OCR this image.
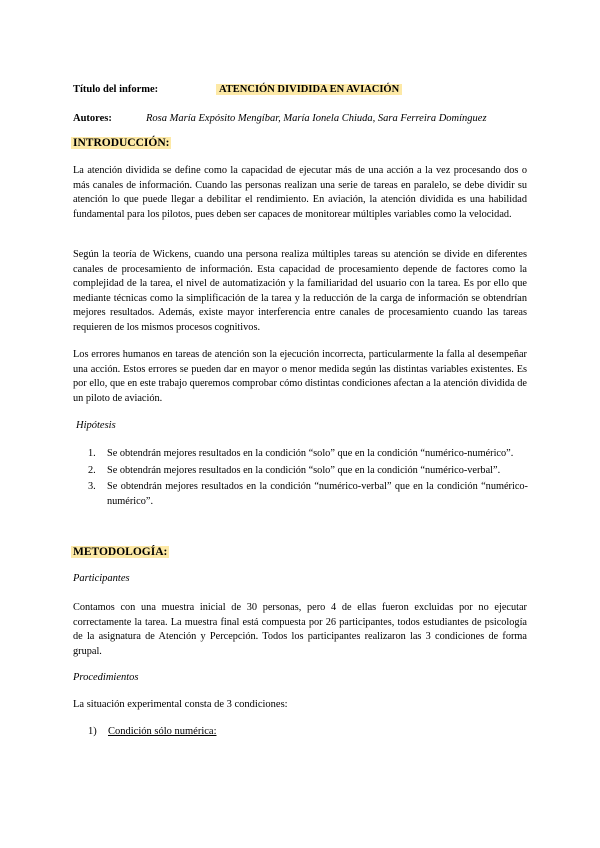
Título del informe:	ATENCIÓN DIVIDIDA EN AVIACIÓN
Autores:	Rosa María Expósito Mengíbar, María Ionela Chiuda, Sara Ferreira Domínguez
INTRODUCCIÓN:
La atención dividida se define como la capacidad de ejecutar más de una acción a la vez procesando dos o más canales de información. Cuando las personas realizan una serie de tareas en paralelo, se debe dividir su atención lo que puede llegar a debilitar el rendimiento. En aviación, la atención dividida es una habilidad fundamental para los pilotos, pues deben ser capaces de monitorear múltiples variables como la velocidad.
Según la teoría de Wickens, cuando una persona realiza múltiples tareas su atención se divide en diferentes canales de procesamiento de información. Esta capacidad de procesamiento depende de factores como la complejidad de la tarea, el nivel de automatización y la familiaridad del usuario con la tarea. Es por ello que mediante técnicas como la simplificación de la tarea y la reducción de la carga de información se obtendrían mejores resultados. Además, existe mayor interferencia entre canales de procesamiento cuando las tareas requieren de los mismos procesos cognitivos.
Los errores humanos en tareas de atención son la ejecución incorrecta, particularmente la falla al desempeñar una acción. Estos errores se pueden dar en mayor o menor medida según las distintas variables existentes. Es por ello, que en este trabajo queremos comprobar cómo distintas condiciones afectan a la atención dividida de un piloto de aviación.
Hipótesis
1. Se obtendrán mejores resultados en la condición “solo” que en la condición “numérico-numérico”.
2. Se obtendrán mejores resultados en la condición “solo” que en la condición “numérico-verbal”.
3. Se obtendrán mejores resultados en la condición “numérico-verbal” que en la condición “numérico-numérico”.
METODOLOGÍA:
Participantes
Contamos con una muestra inicial de 30 personas, pero 4 de ellas fueron excluidas por no ejecutar correctamente la tarea. La muestra final está compuesta por 26 participantes, todos estudiantes de psicología de la asignatura de Atención y Percepción. Todos los participantes realizaron las 3 condiciones de forma grupal.
Procedimientos
La situación experimental consta de 3 condiciones:
1) Condición sólo numérica:
